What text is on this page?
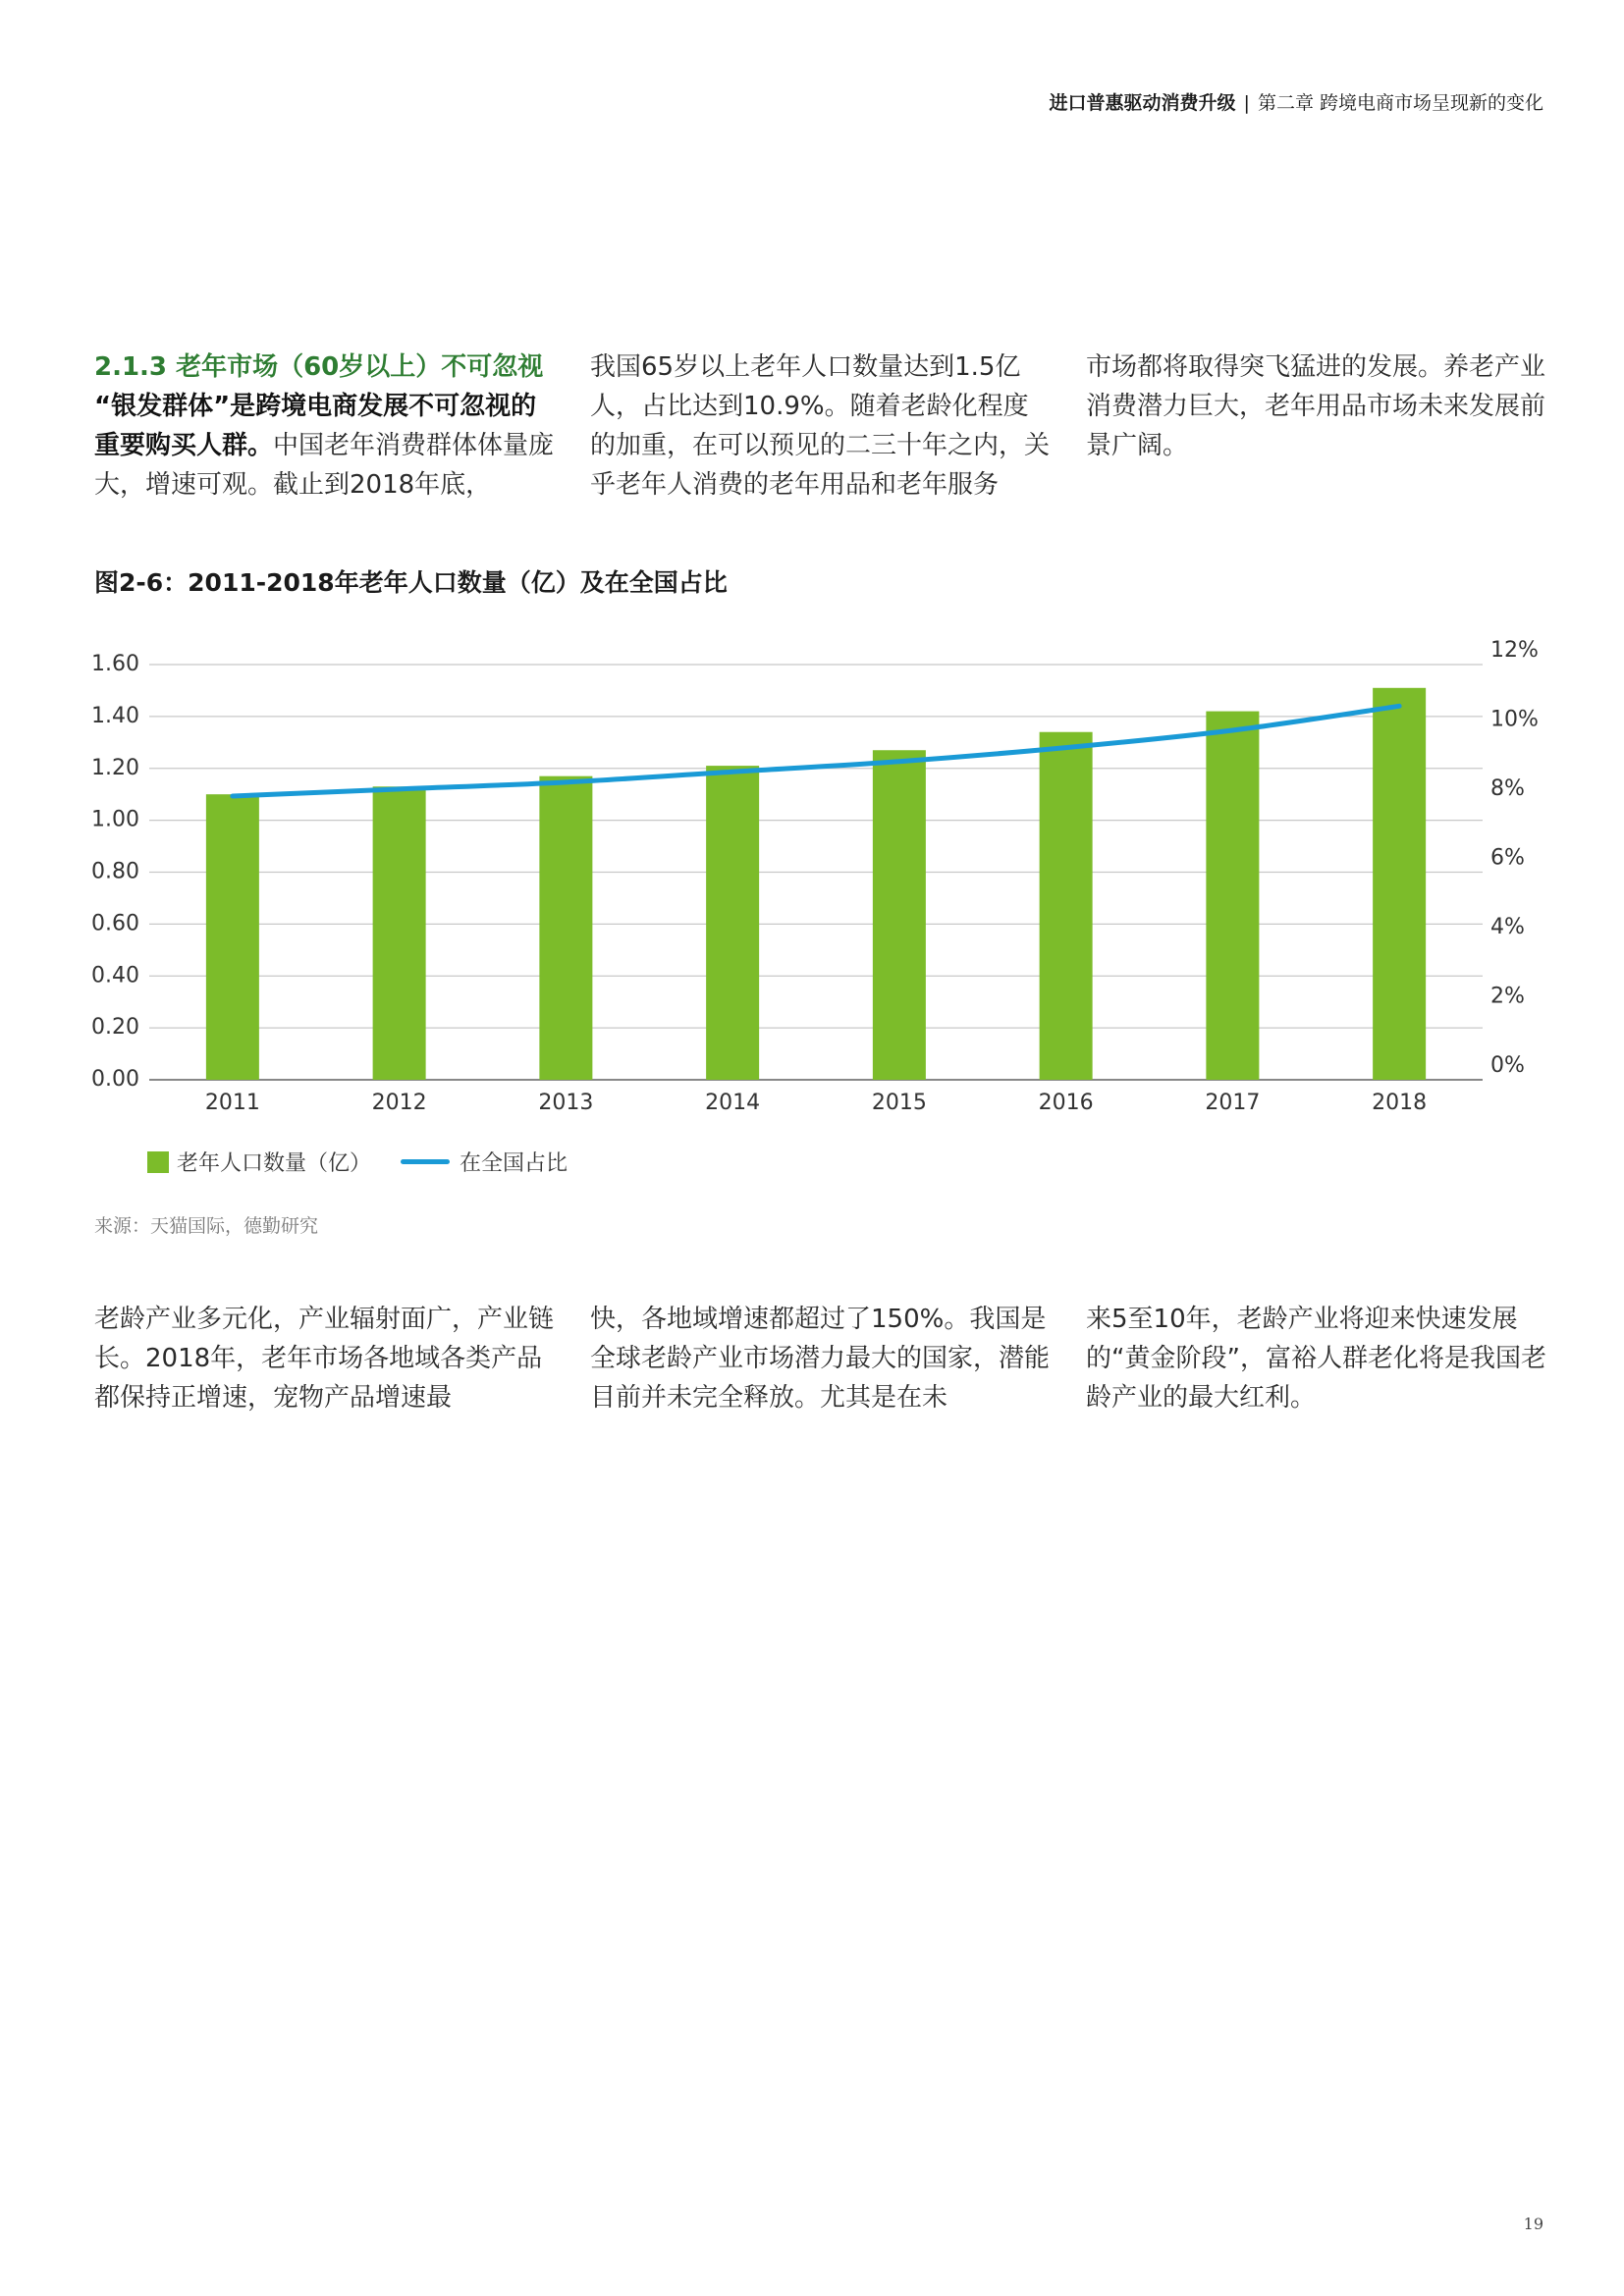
进口普惠驱动消费升级 | 第二章 跨境电商市场呈现新的变化
2.1.3 老年市场（60岁以上）不可忽视
“银发群体”是跨境电商发展不可忽视的重要购买人群。中国老年消费群体体量庞大，增速可观。截止到2018年底，
我国65岁以上老年人口数量达到1.5亿人，占比达到10.9%。随着老龄化程度的加重，在可以预见的二三十年之内，关乎老年人消费的老年用品和老年服务
市场都将取得突飞猛进的发展。养老产业消费潜力巨大，老年用品市场未来发展前景广阔。
图2-6：2011-2018年老年人口数量（亿）及在全国占比
0.00
0.20
0.40
0.60
0.80
1.00
1.20
1.40
1.60
0%
2%
4%
6%
8%
10%
12%
2011	2012	2013	2014	2015	2016	2017	2018
老年人口数量（亿）	在全国占比
来源：天猫国际，德勤研究
老龄产业多元化，产业辐射面广，产业链长。2018年，老年市场各地域各类产品都保持正增速，宠物产品增速最
快，各地域增速都超过了150%。我国是全球老龄产业市场潜力最大的国家，潜能目前并未完全释放。尤其是在未
来5至10年，老龄产业将迎来快速发展的“黄金阶段”，富裕人群老化将是我国老龄产业的最大红利。
19
